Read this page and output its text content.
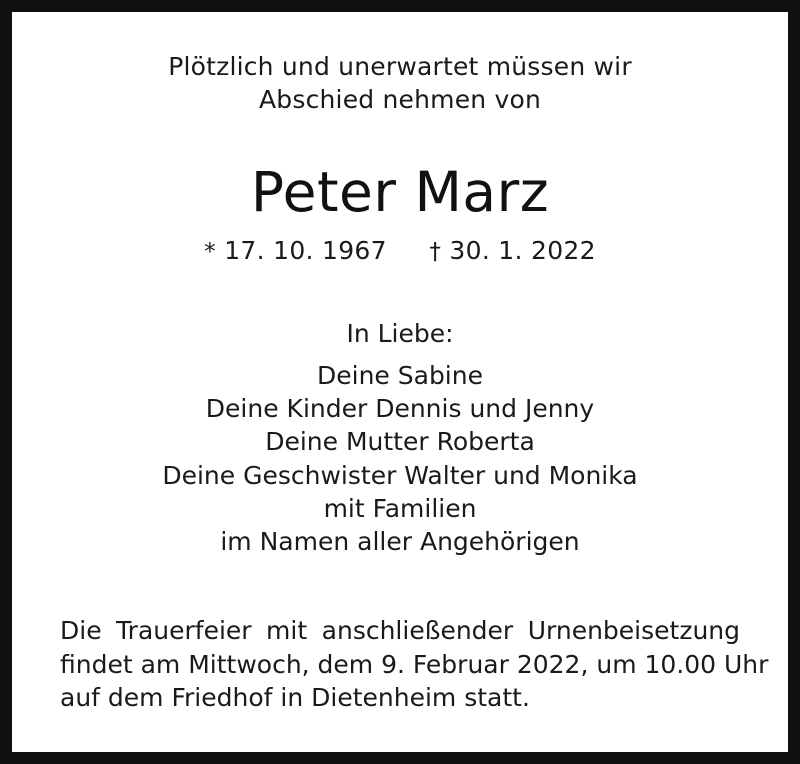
Plötzlich und unerwartet müssen wir
Abschied nehmen von
Peter Marz
* 17. 10. 1967 † 30. 1. 2022
In Liebe:
Deine Sabine
Deine Kinder Dennis und Jenny
Deine Mutter Roberta
Deine Geschwister Walter und Monika
mit Familien
im Namen aller Angehörigen
Die Trauerfeier mit anschließender Urnenbeisetzung
findet am Mittwoch, dem 9. Februar 2022, um 10.00 Uhr
auf dem Friedhof in Dietenheim statt.
